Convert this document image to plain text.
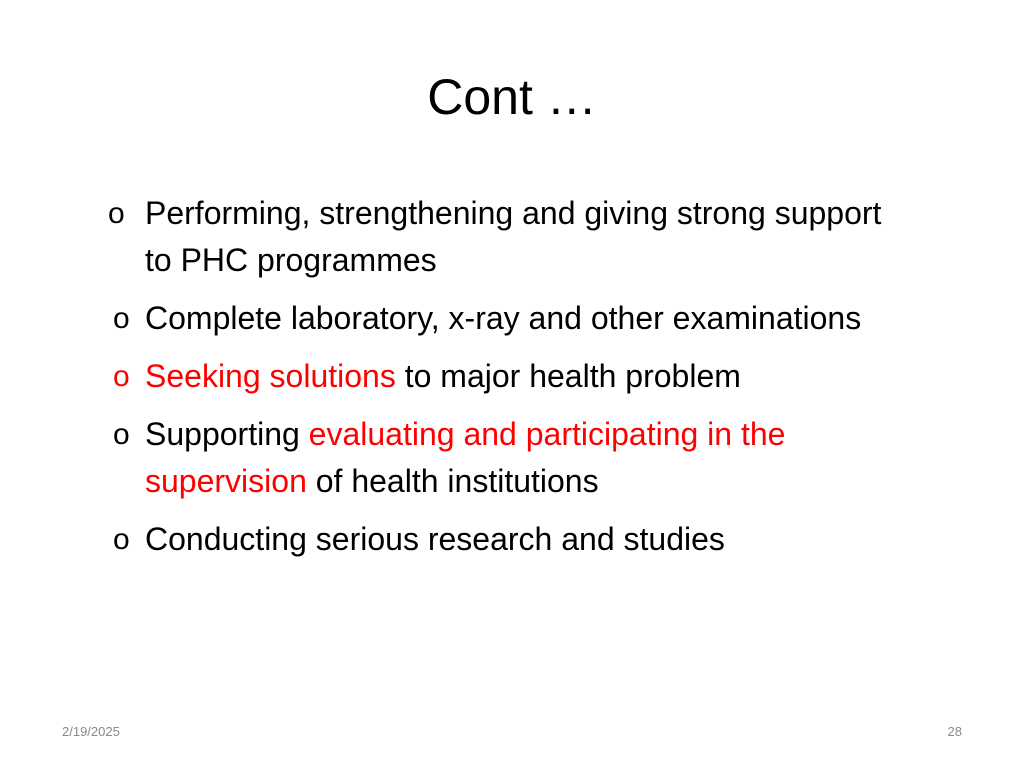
Cont …
o Performing, strengthening and giving strong support to PHC programmes
o Complete laboratory, x-ray and other examinations
o Seeking solutions to major health problem
o Supporting evaluating and participating in the supervision of health institutions
o Conducting serious research and studies
2/19/2025	28
